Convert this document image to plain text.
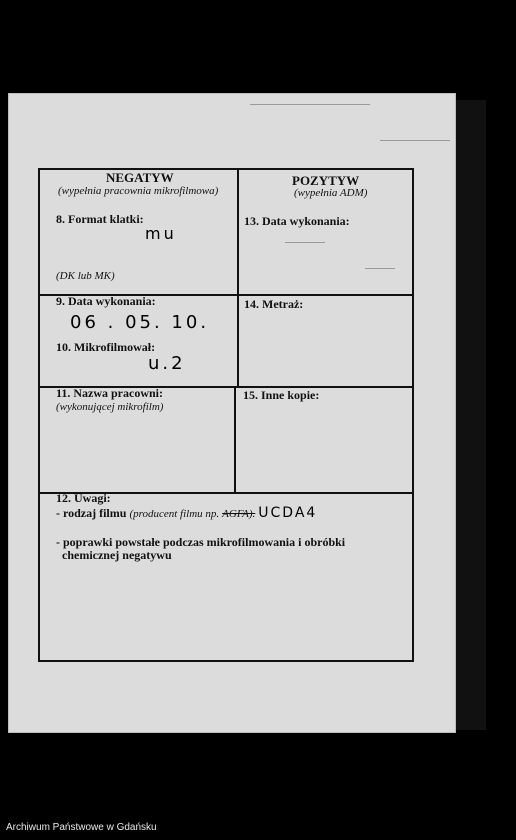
NEGATYW
(wypełnia pracownia mikrofilmowa)
POZYTYW
(wypełnia ADM)
8. Format klatki:
mu
(DK lub MK)
13. Data wykonania:
9. Data wykonania:
06 . 05. 10.
14. Metraż:
10. Mikrofilmował:
u.2
11. Nazwa pracowni:
(wykonującej mikrofilm)
15. Inne kopie:
12. Uwagi:
- rodzaj filmu (producent filmu np. AGFA). UCDA4
- poprawki powstałe podczas mikrofilmowania i obróbki
chemicznej negatywu
Archiwum Państwowe w Gdańsku
